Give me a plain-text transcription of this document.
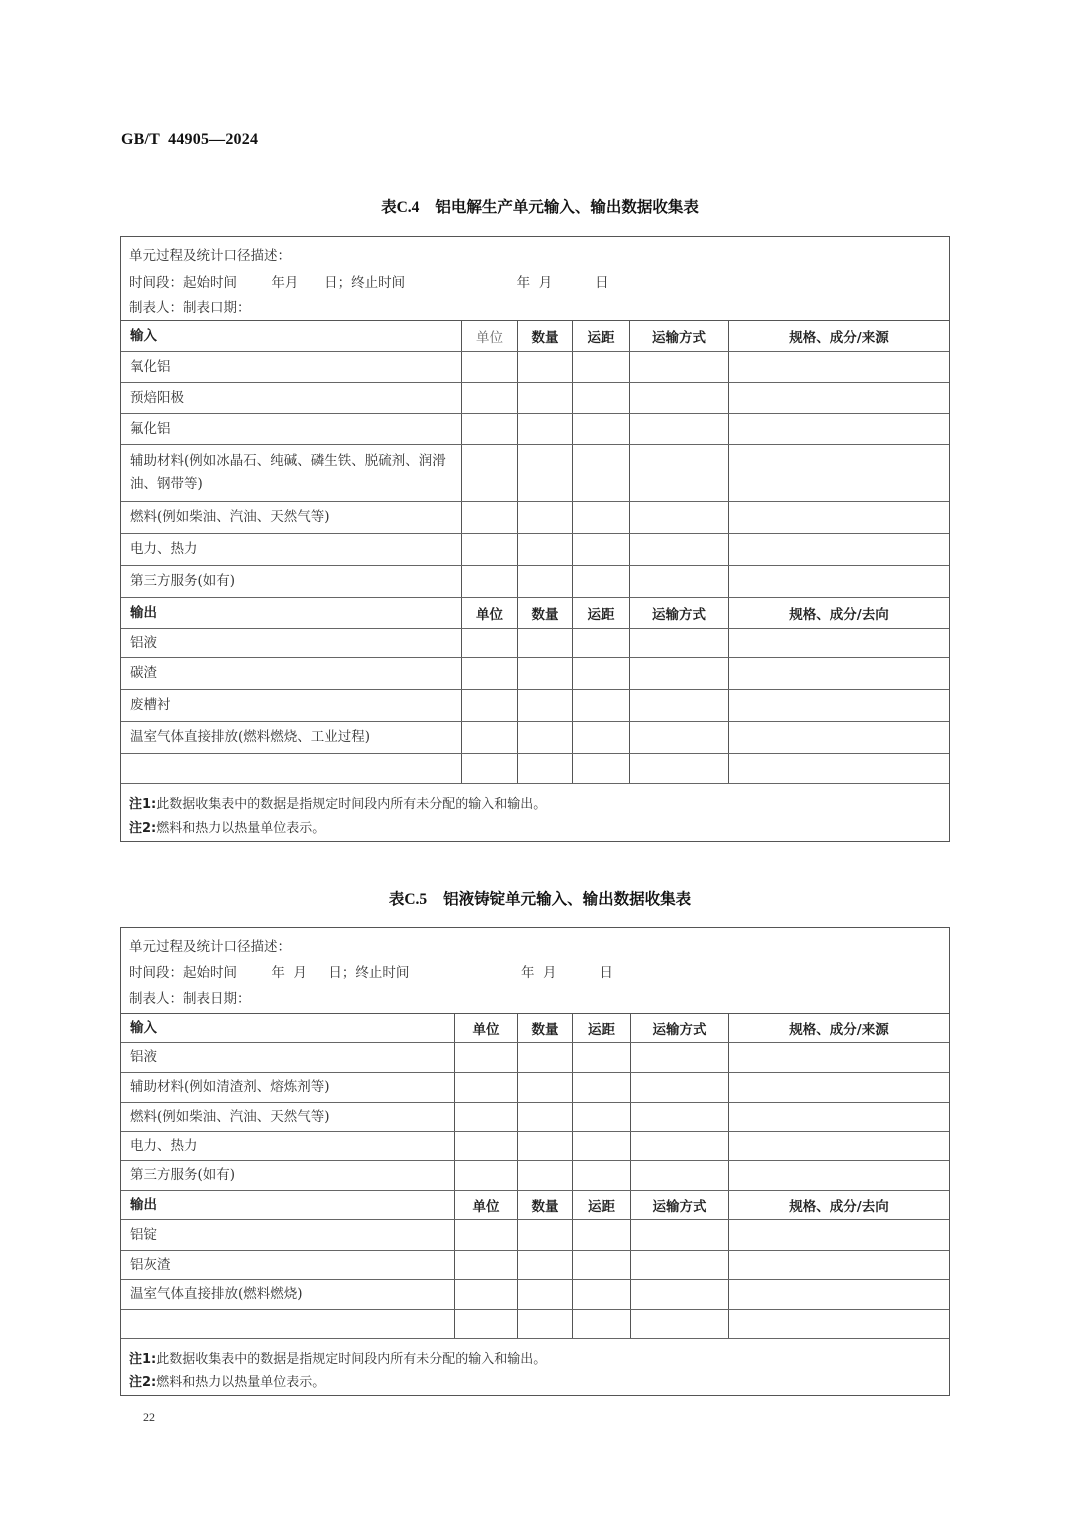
GB/T  44905—2024
表C.4 铝电解生产单元输入、输出数据收集表
单元过程及统计口径描述：
时间段：起始时间        年月      日；终止时间                          年  月          日
制表人：制表口期：
输入	单位	数量	运距	运输方式	规格、成分/来源
氧化铝
预焙阳极
氟化铝
辅助材料(例如冰晶石、纯碱、磷生铁、脱硫剂、润滑油、钢带等)
燃料(例如柴油、汽油、天然气等)
电力、热力
第三方服务(如有)
输出	单位	数量	运距	运输方式	规格、成分/去向
铝液
碳渣
废槽衬
温室气体直接排放(燃料燃烧、工业过程)
注1:此数据收集表中的数据是指规定时间段内所有未分配的输入和输出。
注2:燃料和热力以热量单位表示。
表C.5 铝液铸锭单元输入、输出数据收集表
单元过程及统计口径描述：
时间段：起始时间        年  月     日；终止时间                          年  月          日
制表人：制表日期：
输入	单位	数量	运距	运输方式	规格、成分/来源
铝液
辅助材料(例如清渣剂、熔炼剂等)
燃料(例如柴油、汽油、天然气等)
电力、热力
第三方服务(如有)
输出	单位	数量	运距	运输方式	规格、成分/去向
铝锭
铝灰渣
温室气体直接排放(燃料燃烧)
注1:此数据收集表中的数据是指规定时间段内所有未分配的输入和输出。
注2:燃料和热力以热量单位表示。
22
